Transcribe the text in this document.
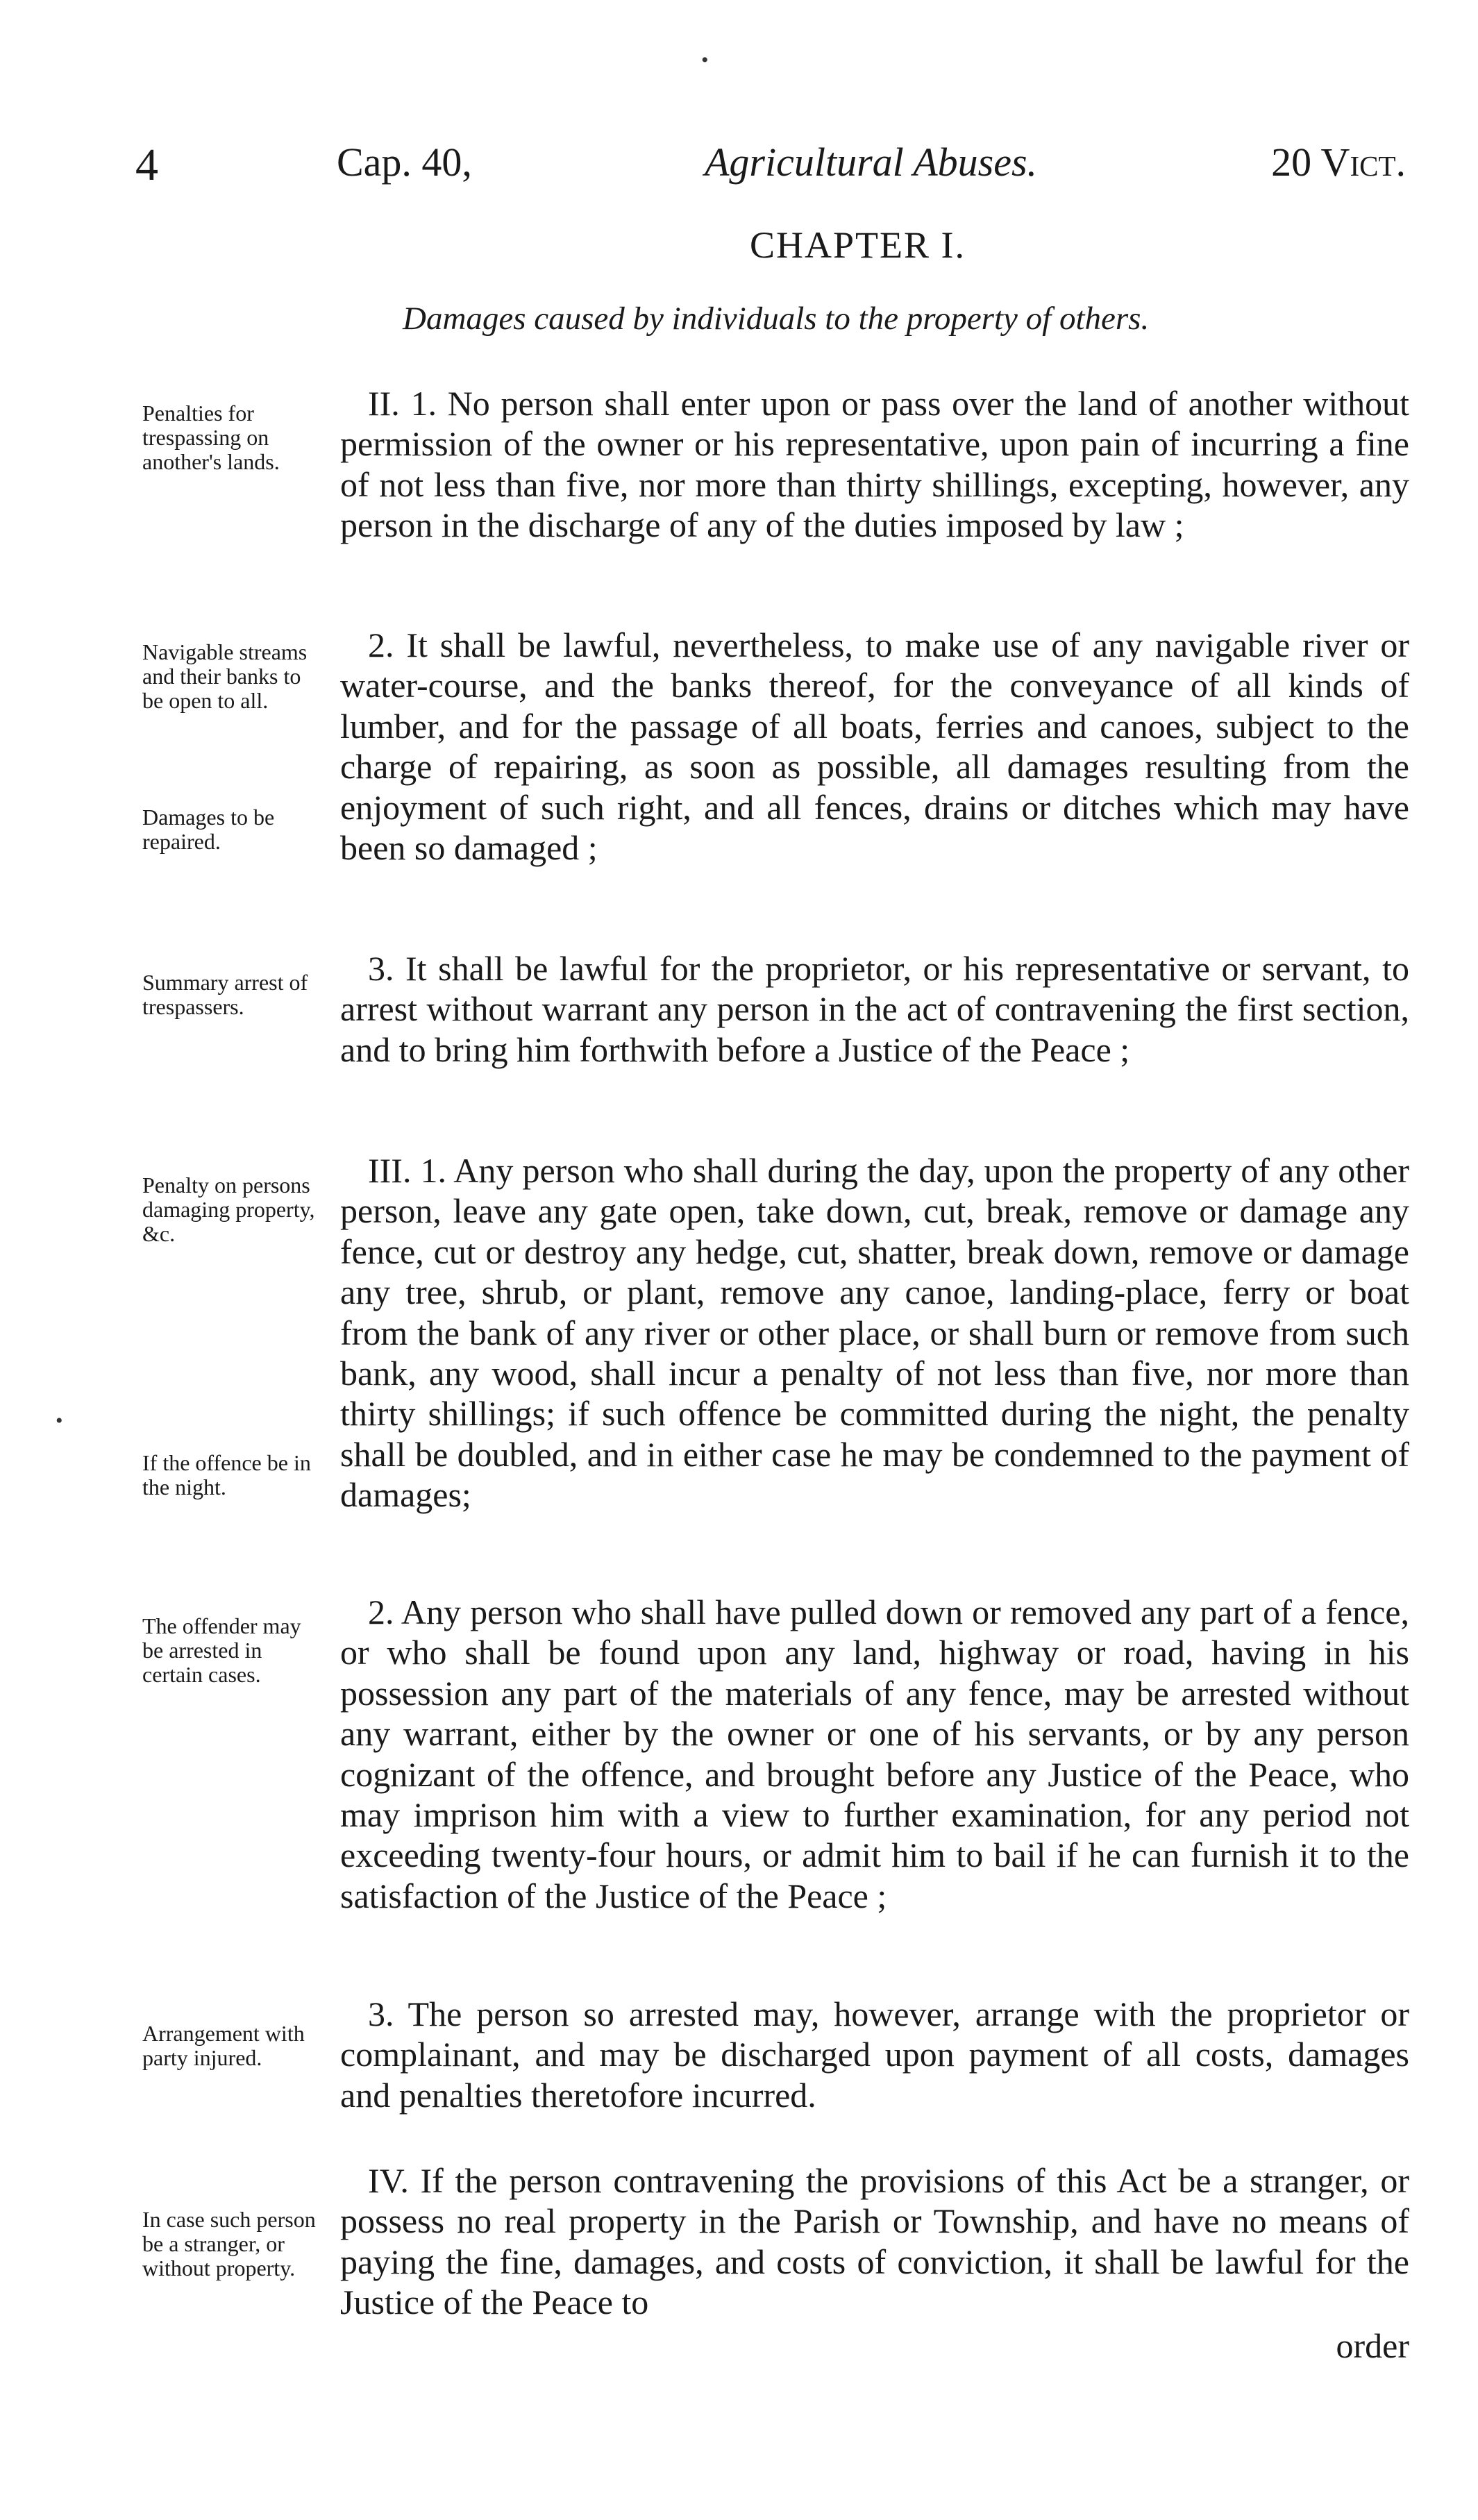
4	Cap. 40,	Agricultural Abuses.	20 Vict.
CHAPTER I.
Damages caused by individuals to the property of others.

Penalties for trespassing on another's lands.

Navigable streams and their banks to be open to all.

Damages to be repaired.

Summary arrest of trespassers.

Penalty on persons damaging property, &c.

If the offence be in the night.

The offender may be arrested in certain cases.

Arrangement with party injured.

In case such person be a stranger, or without property.

II. 1. No person shall enter upon or pass over the land of another without permission of the owner or his representative, upon pain of incurring a fine of not less than five, nor more than thirty shillings, excepting, however, any person in the discharge of any of the duties imposed by law ;

2. It shall be lawful, nevertheless, to make use of any navigable river or water-course, and the banks thereof, for the conveyance of all kinds of lumber, and for the passage of all boats, ferries and canoes, subject to the charge of repairing, as soon as possible, all damages resulting from the enjoyment of such right, and all fences, drains or ditches which may have been so damaged ;

3. It shall be lawful for the proprietor, or his representative or servant, to arrest without warrant any person in the act of contravening the first section, and to bring him forthwith before a Justice of the Peace ;

III. 1. Any person who shall during the day, upon the property of any other person, leave any gate open, take down, cut, break, remove or damage any fence, cut or destroy any hedge, cut, shatter, break down, remove or damage any tree, shrub, or plant, remove any canoe, landing-place, ferry or boat from the bank of any river or other place, or shall burn or remove from such bank, any wood, shall incur a penalty of not less than five, nor more than thirty shillings; if such offence be committed during the night, the penalty shall be doubled, and in either case he may be condemned to the payment of damages;

2. Any person who shall have pulled down or removed any part of a fence, or who shall be found upon any land, highway or road, having in his possession any part of the materials of any fence, may be arrested without any warrant, either by the owner or one of his servants, or by any person cognizant of the offence, and brought before any Justice of the Peace, who may imprison him with a view to further examination, for any period not exceeding twenty-four hours, or admit him to bail if he can furnish it to the satisfaction of the Justice of the Peace ;

3. The person so arrested may, however, arrange with the proprietor or complainant, and may be discharged upon payment of all costs, damages and penalties theretofore incurred.

IV. If the person contravening the provisions of this Act be a stranger, or possess no real property in the Parish or Township, and have no means of paying the fine, damages, and costs of conviction, it shall be lawful for the Justice of the Peace to

order
•
•
